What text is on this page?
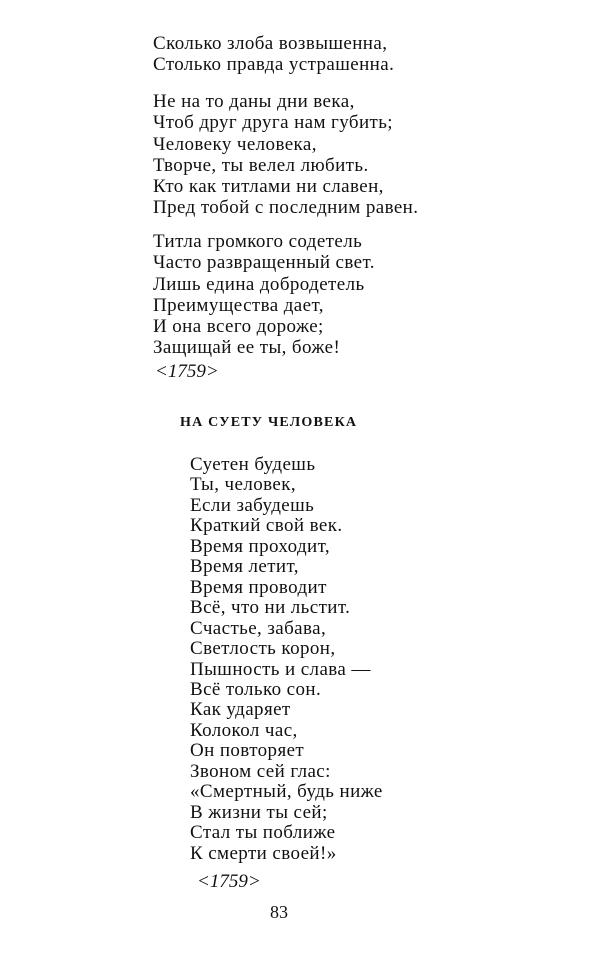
Сколько злоба возвышенна,
Столько правда устрашенна.
Не на то даны дни века,
Чтоб друг друга нам губить;
Человеку человека,
Творче, ты велел любить.
Кто как титлами ни славен,
Пред тобой с последним равен.
Титла громкого содетель
Часто развращенный свет.
Лишь едина добродетель
Преимущества дает,
И она всего дороже;
Защищай ее ты, боже!
<1759>
НА СУЕТУ ЧЕЛОВЕКА
Суетен будешь
Ты, человек,
Если забудешь
Краткий свой век.
Время проходит,
Время летит,
Время проводит
Всё, что ни льстит.
Счастье, забава,
Светлость корон,
Пышность и слава —
Всё только сон.
Как ударяет
Колокол час,
Он повторяет
Звоном сей глас:
«Смертный, будь ниже
В жизни ты сей;
Стал ты поближе
К смерти своей!»
<1759>
83
